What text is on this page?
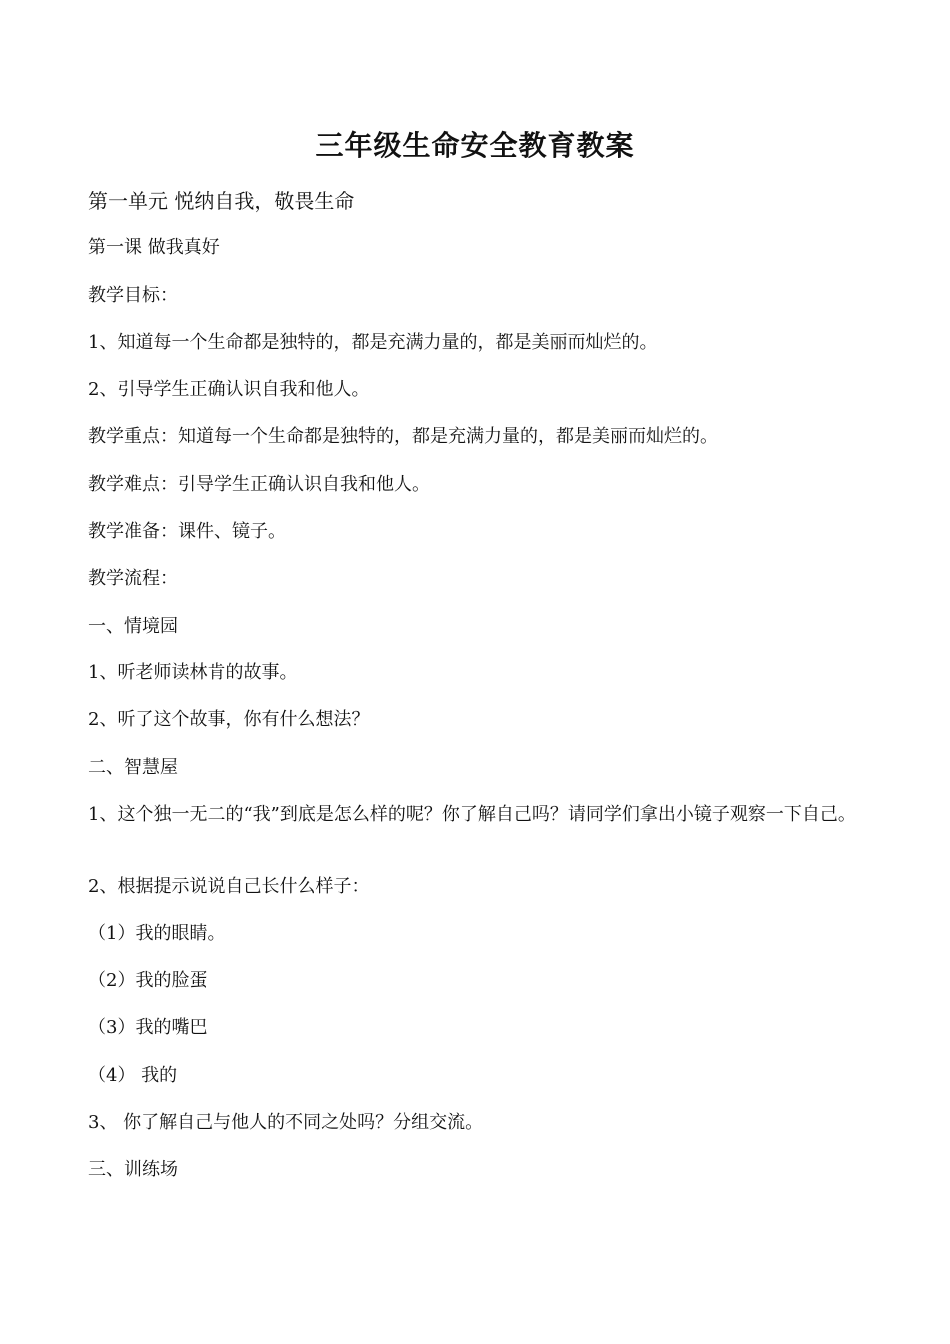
三年级生命安全教育教案
第一单元 悦纳自我，敬畏生命
第一课 做我真好
教学目标：
1、知道每一个生命都是独特的，都是充满力量的，都是美丽而灿烂的。
2、引导学生正确认识自我和他人。
教学重点：知道每一个生命都是独特的，都是充满力量的，都是美丽而灿烂的。
教学难点：引导学生正确认识自我和他人。
教学准备：课件、镜子。
教学流程：
一、情境园
1、听老师读林肯的故事。
2、听了这个故事，你有什么想法？
二、智慧屋
1、这个独一无二的“我”到底是怎么样的呢？你了解自己吗？请同学们拿出小镜子观察一下自己。
2、根据提示说说自己长什么样子：
（1）我的眼睛。
（2）我的脸蛋
（3）我的嘴巴
（4） 我的
3、 你了解自己与他人的不同之处吗？分组交流。
三、训练场
